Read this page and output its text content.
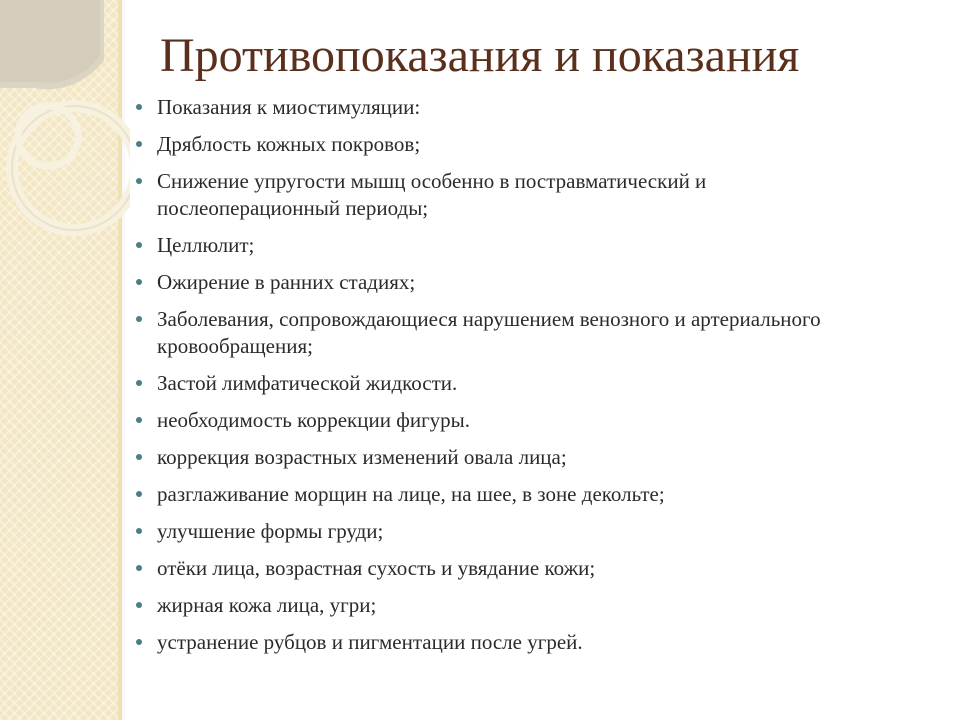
Противопоказания и показания
Показания к миостимуляции:
Дряблость кожных покровов;
Снижение упругости мышц особенно в постравматический и послеоперационный периоды;
Целлюлит;
Ожирение в ранних стадиях;
Заболевания, сопровождающиеся нарушением венозного и артериального кровообращения;
Застой лимфатической жидкости.
необходимость коррекции фигуры.
коррекция возрастных изменений овала лица;
разглаживание морщин на лице, на шее, в зоне декольте;
улучшение формы груди;
отёки лица, возрастная сухость и увядание кожи;
жирная кожа лица, угри;
устранение рубцов и пигментации после угрей.
